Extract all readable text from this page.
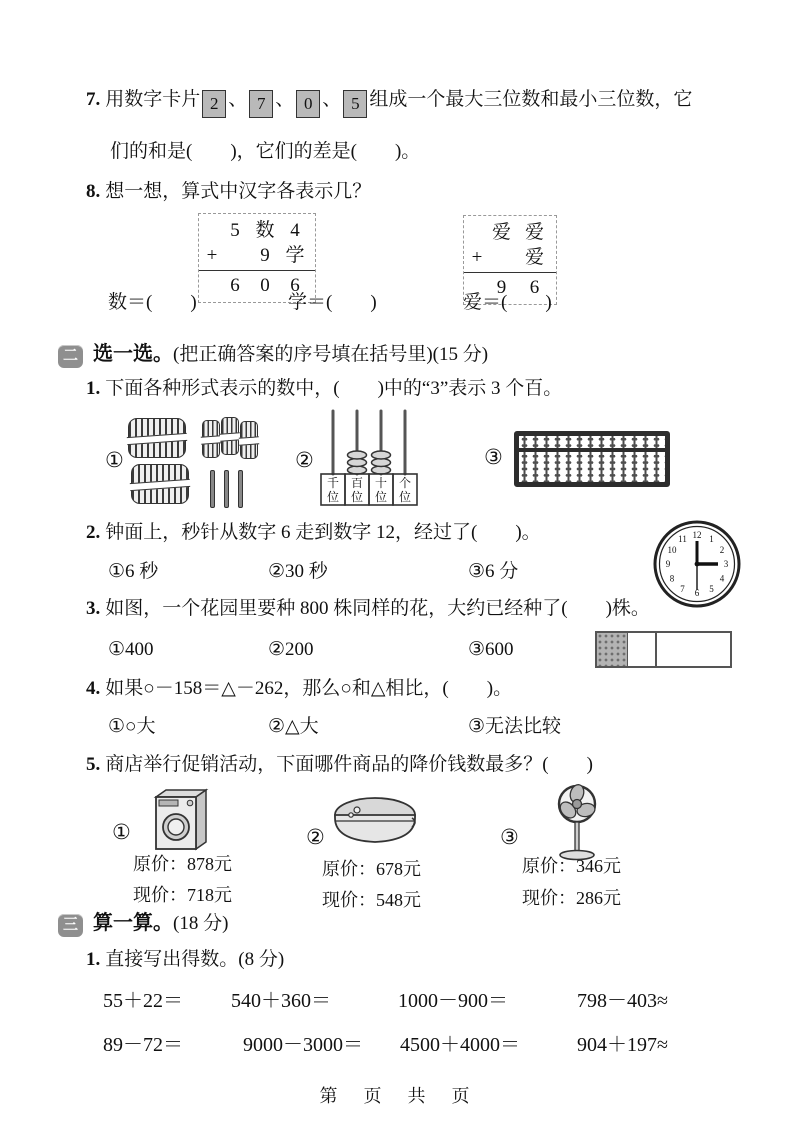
7. 用数字卡片 2 、 7 、 0 、 5 组成一个最大三位数和最小三位数，它
们的和是(　　)，它们的差是(　　)。
8. 想一想，算式中汉字各表示几？
5 数 4
+	9 学
6	0	6
爱 爱
+	爱
9	6
数＝(　　)	学＝(　　)	爱＝(　　)
二 选一选。(把正确答案的序号填在括号里)(15 分)
1. 下面各种形式表示的数中，(　　)中的“3”表示 3 个百。
①	②
千
位
百
位
十
位
个
位
③
2. 钟面上，秒针从数字 6 走到数字 12，经过了(　　)。
①6 秒	②30 秒	③6 分
12 1
2
3
4
5
6
7
8
9
10
11
3. 如图，一个花园里要种 800 株同样的花，大约已经种了(　　)株。
①400	②200	③600
4. 如果○－158＝△－262，那么○和△相比，(　　)。
①○大	②△大	③无法比较
5. 商店举行促销活动，下面哪件商品的降价钱数最多？(　　)
①
原价：878元
现价：718元
②
原价：678元
现价：548元
③
原价：346元
现价：286元
三 算一算。(18 分)
1. 直接写出得数。(8 分)
55＋22＝ 540＋360＝	1000－900＝	798－403≈
89－72＝	9000－3000＝ 4500＋4000＝	904＋197≈
第　页　共　页
